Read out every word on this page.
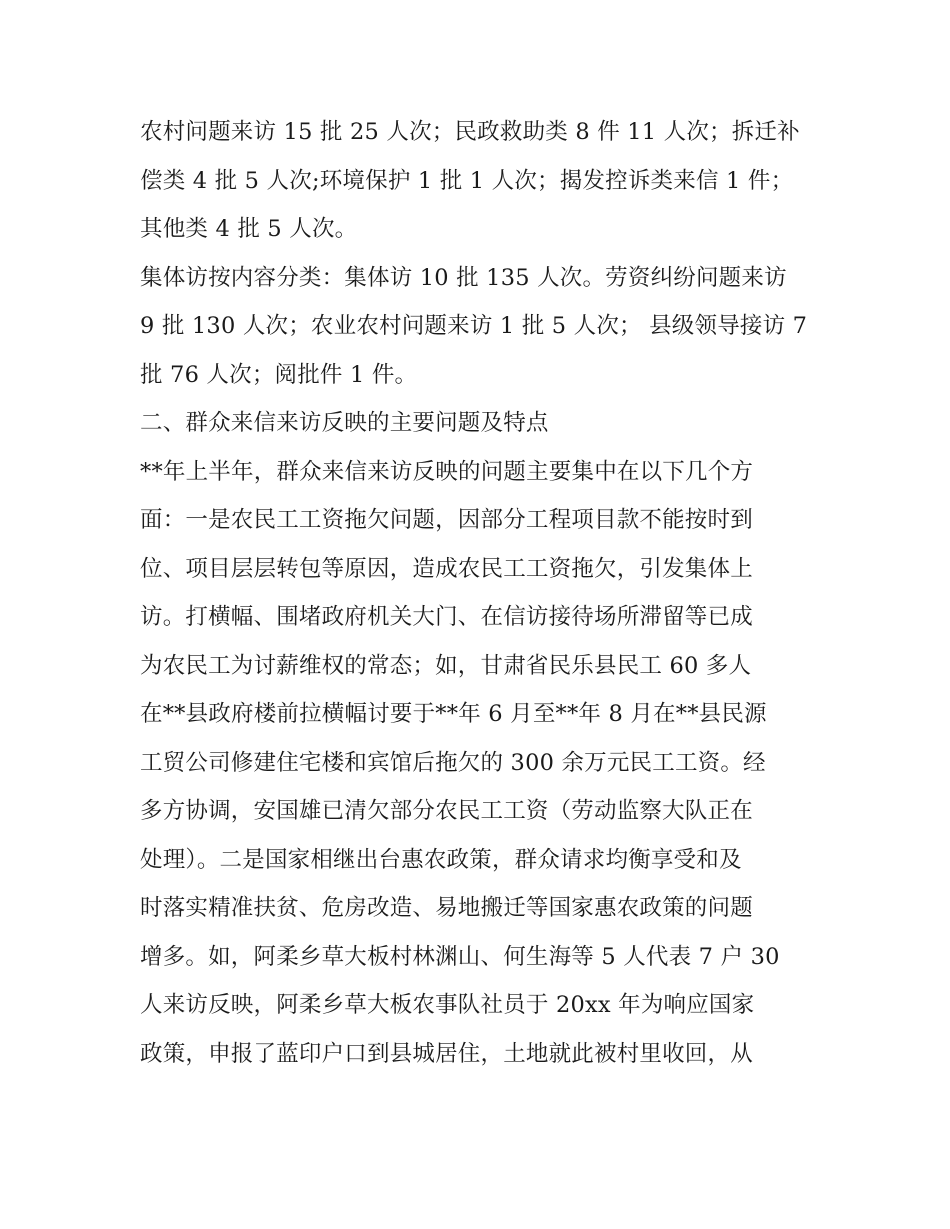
农村问题来访 15 批 25 人次；民政救助类 8 件 11 人次；拆迁补
偿类 4 批 5 人次;环境保护 1 批 1 人次；揭发控诉类来信 1 件；
其他类 4 批 5 人次。
集体访按内容分类：集体访 10 批 135 人次。劳资纠纷问题来访
9 批 130 人次；农业农村问题来访 1 批 5 人次； 县级领导接访 7
批 76 人次；阅批件 1 件。
二、群众来信来访反映的主要问题及特点
**年上半年，群众来信来访反映的问题主要集中在以下几个方
面：一是农民工工资拖欠问题，因部分工程项目款不能按时到
位、项目层层转包等原因，造成农民工工资拖欠，引发集体上
访。打横幅、围堵政府机关大门、在信访接待场所滞留等已成
为农民工为讨薪维权的常态；如，甘肃省民乐县民工 60 多人
在**县政府楼前拉横幅讨要于**年 6 月至**年 8 月在**县民源
工贸公司修建住宅楼和宾馆后拖欠的 300 余万元民工工资。经
多方协调，安国雄已清欠部分农民工工资（劳动监察大队正在
处理）。二是国家相继出台惠农政策，群众请求均衡享受和及
时落实精准扶贫、危房改造、易地搬迁等国家惠农政策的问题
增多。如，阿柔乡草大板村林渊山、何生海等 5 人代表 7 户 30
人来访反映，阿柔乡草大板农事队社员于 20xx 年为响应国家
政策，申报了蓝印户口到县城居住，土地就此被村里收回，从
